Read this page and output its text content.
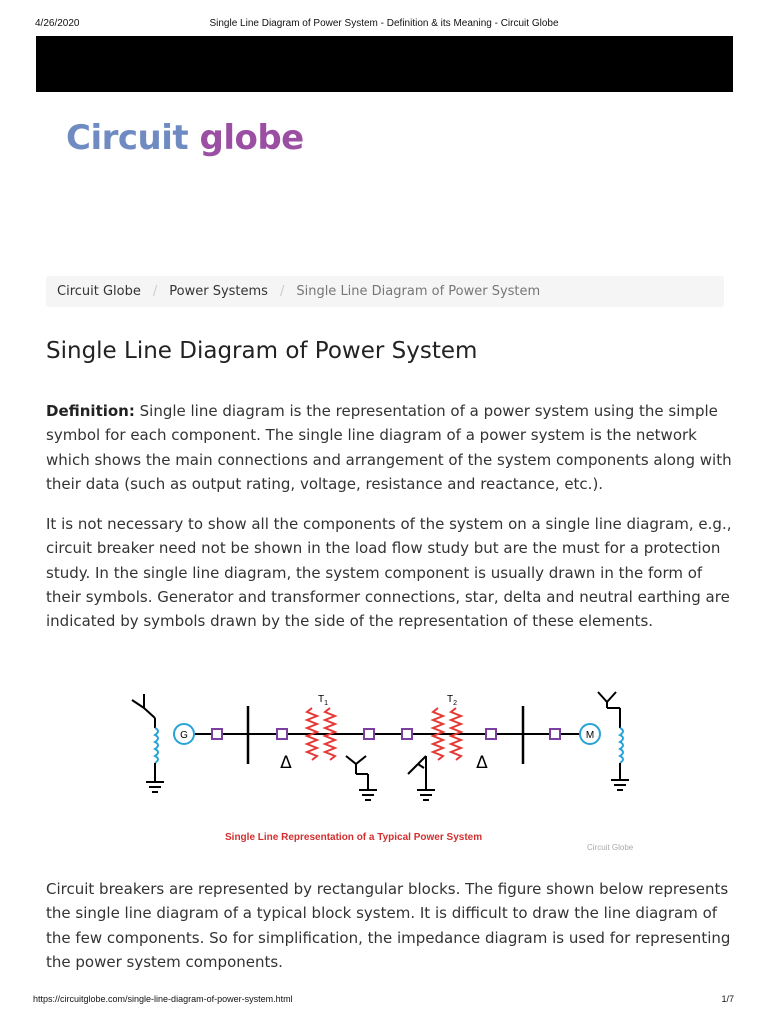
4/26/2020	Single Line Diagram of Power System - Definition & its Meaning - Circuit Globe
Circuit globe
Circuit Globe / Power Systems / Single Line Diagram of Power System
Single Line Diagram of Power System

Definition: Single line diagram is the representation of a power system using the simple symbol for each component. The single line diagram of a power system is the network which shows the main connections and arrangement of the system components along with their data (such as output rating, voltage, resistance and reactance, etc.).

It is not necessary to show all the components of the system on a single line diagram, e.g., circuit breaker need not be shown in the load flow study but are the must for a protection study. In the single line diagram, the system component is usually drawn in the form of their symbols. Generator and transformer connections, star, delta and neutral earthing are indicated by symbols drawn by the side of the representation of these elements.

G
Δ
$T_1$	$T_2$
Δ
M
Single Line Representation of a Typical Power System
Circuit Globe

Circuit breakers are represented by rectangular blocks. The figure shown below represents the single line diagram of a typical block system. It is difficult to draw the line diagram of the few components. So for simplification, the impedance diagram is used for representing the power system components.

https://circuitglobe.com/single-line-diagram-of-power-system.html	1/7
